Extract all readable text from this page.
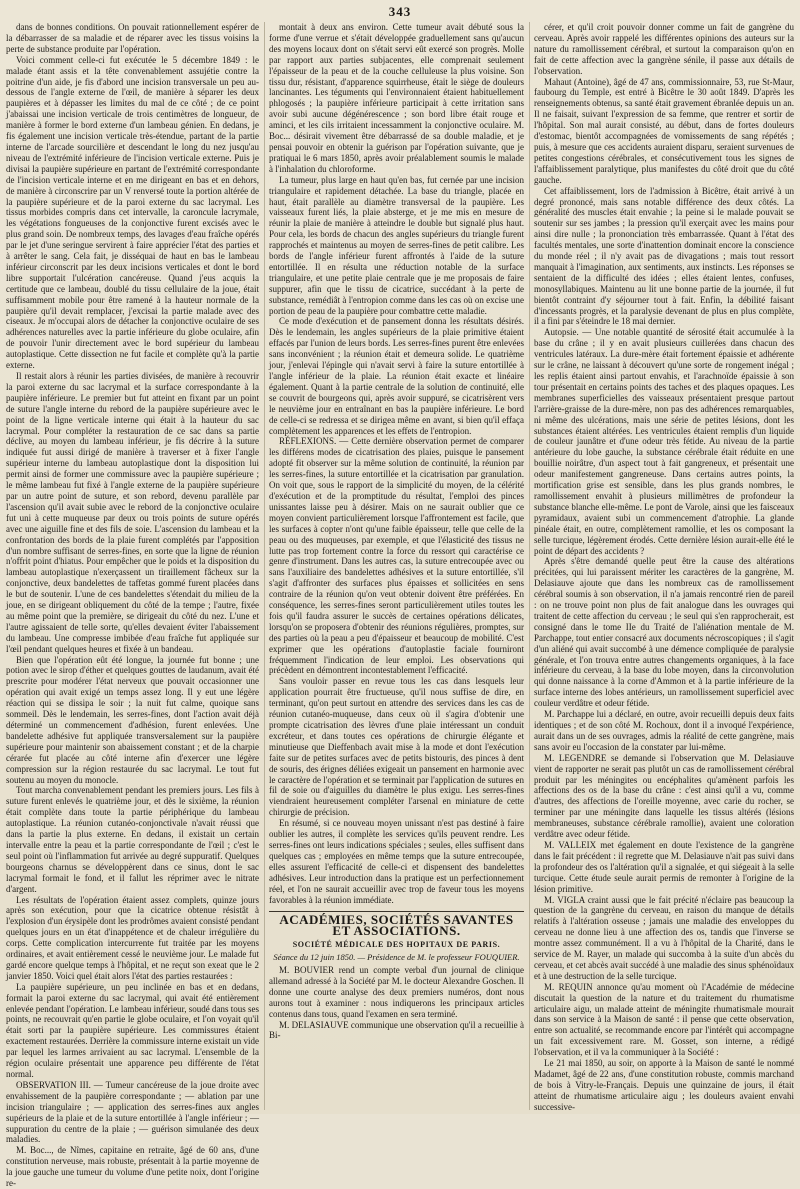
343

dans de bonnes conditions. On pouvait rationnellement espérer de la débarrasser de sa maladie et de réparer avec les tissus voisins la perte de substance produite par l'opération.

Voici comment celle-ci fut exécutée le 5 décembre 1849 : le malade étant assis et la tête convenablement assujétie contre la poitrine d'un aide, je fis d'abord une incision transversale un peu au-dessous de l'angle externe de l'œil, de manière à séparer les deux paupières et à dépasser les limites du mal de ce côté ; de ce point j'abaissai une incision verticale de trois centimètres de longueur, de manière à former le bord externe d'un lambeau génien. En dedans, je fis également une incision verticale très-étendue, partant de la partie interne de l'arcade sourcilière et descendant le long du nez jusqu'au niveau de l'extrémité inférieure de l'incision verticale externe. Puis je divisai la paupière supérieure en partant de l'extrémité correspondante de l'incision verticale interne et en me dirigeant en bas et en dehors, de manière à circonscrire par un V renversé toute la portion altérée de la paupière supérieure et de la paroi externe du sac lacrymal. Les tissus morbides compris dans cet intervalle, la caroncule lacrymale, les végétations fongueuses de la conjonctive furent excisés avec le plus grand soin. De nombreux temps, des lavages d'eau fraîche opérés par le jet d'une seringue servirent à faire apprécier l'état des parties et à arrêter le sang. Cela fait, je disséquai de haut en bas le lambeau inférieur circonscrit par les deux incisions verticales et dont le bord libre supportait l'ulcération cancéreuse. Quand j'eus acquis la certitude que ce lambeau, doublé du tissu cellulaire de la joue, était suffisamment mobile pour être ramené à la hauteur normale de la paupière qu'il devait remplacer, j'excisai la partie malade avec des ciseaux. Je m'occupai alors de détacher la conjonctive oculaire de ses adhérences naturelles avec la partie inférieure du globe oculaire, afin de pouvoir l'unir directement avec le bord supérieur du lambeau autoplastique. Cette dissection ne fut facile et complète qu'à la partie externe.

Il restait alors à réunir les parties divisées, de manière à recouvrir la paroi externe du sac lacrymal et la surface correspondante à la paupière inférieure. Le premier but fut atteint en fixant par un point de suture l'angle interne du rebord de la paupière supérieure avec le point de la ligne verticale interne qui était à la hauteur du sac lacrymal. Pour compléter la restauration de ce sac dans sa partie déclive, au moyen du lambeau inférieur, je fis décrire à la suture indiquée fut aussi dirigé de manière à traverser et à fixer l'angle supérieur interne du lambeau autoplastique dont la disposition lui permit ainsi de former une commissure avec la paupière supérieure ; le même lambeau fut fixé à l'angle externe de la paupière supérieure par un autre point de suture, et son rebord, devenu parallèle par l'ascension qu'il avait subie avec le rebord de la conjonctive oculaire fut uni à cette muqueuse par deux ou trois points de suture opérés avec une aiguille fine et des fils de soie. L'ascension du lambeau et la confrontation des bords de la plaie furent complétés par l'apposition d'un nombre suffisant de serres-fines, en sorte que la ligne de réunion n'offrit point d'hiatus. Pour empêcher que le poids et la disposition du lambeau autoplastique n'exerçassent un tiraillement fâcheux sur la conjonctive, deux bandelettes de taffetas gommé furent placées dans le but de soutenir. L'une de ces bandelettes s'étendait du milieu de la joue, en se dirigeant obliquement du côté de la tempe ; l'autre, fixée au même point que la première, se dirigeait du côté du nez. L'une et l'autre agissaient de telle sorte, qu'elles devaient éviter l'abaissement du lambeau. Une compresse imbibée d'eau fraîche fut appliquée sur l'œil pendant quelques heures et fixée à un bandeau.

Bien que l'opération eût été longue, la journée fut bonne ; une potion avec le sirop d'éther et quelques gouttes de laudanum, avait été prescrite pour modérer l'état nerveux que pouvait occasionner une opération qui avait exigé un temps assez long. Il y eut une légère réaction qui se dissipa le soir ; la nuit fut calme, quoique sans sommeil. Dès le lendemain, les serres-fines, dont l'action avait déjà déterminé un commencement d'adhésion, furent enlevées. Une bandelette adhésive fut appliquée transversalement sur la paupière supérieure pour maintenir son abaissement constant ; et de la charpie cérarée fut placée au côté interne afin d'exercer une légère compression sur la région restaurée du sac lacrymal. Le tout fut soutenu au moyen du monocle.

Tout marcha convenablement pendant les premiers jours. Les fils à suture furent enlevés le quatrième jour, et dès le sixième, la réunion était complète dans toute la partie périphérique du lambeau autoplastique. La réunion cutanéo-conjonctivale n'avait réussi que dans la partie la plus externe. En dedans, il existait un certain intervalle entre la peau et la partie correspondante de l'œil ; c'est le seul point où l'inflammation fut arrivée au degré suppuratif. Quelques bourgeons charnus se développèrent dans ce sinus, dont le sac lacrymal formait le fond, et il fallut les réprimer avec le nitrate d'argent.

Les résultats de l'opération étaient assez complets, quinze jours après son exécution, pour que la cicatrice obtenue résistât à l'explosion d'un érysipèle dont les prodrômes avaient consisté pendant quelques jours en un état d'inappétence et de chaleur irrégulière du corps. Cette complication intercurrente fut traitée par les moyens ordinaires, et avait entièrement cessé le neuvième jour. Le malade fut gardé encore quelque temps à l'hôpital, et ne reçut son exeat que le 2 janvier 1850. Voici quel était alors l'état des parties restaurées :

La paupière supérieure, un peu inclinée en bas et en dedans, formait la paroi externe du sac lacrymal, qui avait été entièrement enlevée pendant l'opération. Le lambeau inférieur, soudé dans tous ses points, ne recouvrait qu'en partie le globe oculaire, et l'on voyait qu'il était sorti par la paupière supérieure. Les commissures étaient exactement restaurées. Derrière la commissure interne existait un vide par lequel les larmes arrivaient au sac lacrymal. L'ensemble de la région oculaire présentait une apparence peu différente de l'état normal.

OBSERVATION III. — Tumeur cancéreuse de la joue droite avec envahissement de la paupière correspondante ; — ablation par une incision triangulaire ; — application des serres-fines aux angles supérieurs de la plaie et de la suture entortillée à l'angle inférieur ; — suppuration du centre de la plaie ; — guérison simulanée des deux maladies.

M. Boc..., de Nîmes, capitaine en retraite, âgé de 60 ans, d'une constitution nerveuse, mais robuste, présentait à la partie moyenne de la joue gauche une tumeur du volume d'une petite noix, dont l'origine re-

montait à deux ans environ. Cette tumeur avait débuté sous la forme d'une verrue et s'était développée graduellement sans qu'aucun des moyens locaux dont on s'était servi eût exercé son progrès. Molle par rapport aux parties subjacentes, elle comprenait seulement l'épaisseur de la peau et de la couche celluleuse la plus voisine. Son tissu dur, résistant, d'apparence squirrheuse, était le siège de douleurs lancinantes. Les téguments qui l'environnaient étaient habituellement phlogosés ; la paupière inférieure participait à cette irritation sans avoir subi aucune dégénérescence ; son bord libre était rouge et aminci, et les cils irritaient incessamment la conjonctive oculaire. M. Boc... désirait vivement être débarrassé de sa double maladie, et je pensai pouvoir en obtenir la guérison par l'opération suivante, que je pratiquai le 6 mars 1850, après avoir préalablement soumis le malade à l'inhalation du chloroforme.

La tumeur, plus large en haut qu'en bas, fut cernée par une incision triangulaire et rapidement détachée. La base du triangle, placée en haut, était parallèle au diamètre transversal de la paupière. Les vaisseaux furent liés, la plaie absterge, et je me mis en mesure de réunir la plaie de manière à atteindre le double but signalé plus haut. Pour cela, les bords de chacun des angles supérieurs du triangle furent rapprochés et maintenus au moyen de serres-fines de petit calibre. Les bords de l'angle inférieur furent affrontés à l'aide de la suture entortillée. Il en résulta une réduction notable de la surface triangulaire, et une petite plaie centrale que je me proposais de faire suppurer, afin que le tissu de cicatrice, succédant à la perte de substance, remédiât à l'entropion comme dans les cas où on excise une portion de peau de la paupière pour combattre cette maladie.

Ce mode d'exécution et de pansement donna les résultats désirés. Dès le lendemain, les angles supérieurs de la plaie primitive étaient effacés par l'union de leurs bords. Les serres-fines purent être enlevées sans inconvénient ; la réunion était et demeura solide. Le quatrième jour, j'enlevai l'épingle qui n'avait servi à faire la suture entortillée à l'angle inférieur de la plaie. La réunion était exacte et linéaire également. Quant à la partie centrale de la solution de continuité, elle se couvrit de bourgeons qui, après avoir suppuré, se cicatrisèrent vers le neuvième jour en entraînant en bas la paupière inférieure. Le bord de celle-ci se redressa et se dirigea même en avant, si bien qu'il effaça complètement les apparences et les effets de l'entropion.

RÉFLEXIONS. — Cette dernière observation permet de comparer les différens modes de cicatrisation des plaies, puisque le pansement adopté fit observer sur la même solution de continuité, la réunion par les serres-fines, la suture entortillée et la cicatrisation par granulation. On voit que, sous le rapport de la simplicité du moyen, de la célérité d'exécution et de la promptitude du résultat, l'emploi des pinces unissantes laisse peu à désirer. Mais on ne saurait oublier que ce moyen convient particulièrement lorsque l'affrontement est facile, que les surfaces à copter n'ont qu'une faible épaisseur, telle que celle de la peau ou des muqueuses, par exemple, et que l'élasticité des tissus ne lutte pas trop fortement contre la force du ressort qui caractérise ce genre d'instrument. Dans les autres cas, la suture entrecoupée avec ou sans l'auxiliaire des bandelettes adhésives et la suture entortillée, s'il s'agit d'affronter des surfaces plus épaisses et sollicitées en sens contraire de la réunion qu'on veut obtenir doivent être préférées. En conséquence, les serres-fines seront particulièrement utiles toutes les fois qu'il faudra assurer le succès de certaines opérations délicates, lorsqu'on se proposera d'obtenir des réunions régulières, promptes, sur des parties où la peau a peu d'épaisseur et beaucoup de mobilité. C'est exprimer que les opérations d'autoplastie faciale fourniront fréquemment l'indication de leur emploi. Les observations qui précèdent en démontrent incontestablement l'efficacité.

Sans vouloir passer en revue tous les cas dans lesquels leur application pourrait être fructueuse, qu'il nous suffise de dire, en terminant, qu'on peut surtout en attendre des services dans les cas de réunion cutanéo-muqueuse, dans ceux où il s'agira d'obtenir une prompte cicatrisation des lèvres d'une plaie intéressant un conduit excréteur, et dans toutes ces opérations de chirurgie élégante et minutieuse que Dieffenbach avait mise à la mode et dont l'exécution faite sur de petites surfaces avec de petits bistouris, des pinces à dent de souris, des érignes déliées exigeait un pansement en harmonie avec le caractère de l'opération et se terminait par l'application de sutures en fil de soie ou d'aiguilles du diamètre le plus exigu. Les serres-fines viendraient heureusement compléter l'arsenal en miniature de cette chirurgie de précision.

En résumé, si ce nouveau moyen unissant n'est pas destiné à faire oublier les autres, il complète les services qu'ils peuvent rendre. Les serres-fines ont leurs indications spéciales ; seules, elles suffisent dans quelques cas ; employées en même temps que la suture entrecoupée, elles assurent l'efficacité de celle-ci et dispensent des bandelettes adhésives. Leur introduction dans la pratique est un perfectionnement réel, et l'on ne saurait accueillir avec trop de faveur tous les moyens favorables à la réunion immédiate.

ACADÉMIES, SOCIÉTÉS SAVANTES ET ASSOCIATIONS.
SOCIÉTÉ MÉDICALE DES HOPITAUX DE PARIS.
Séance du 12 juin 1850. — Présidence de M. le professeur FOUQUIER.

M. BOUVIER rend un compte verbal d'un journal de clinique allemand adressé à la Société par M. le docteur Alexandre Goschen. Il donne une courte analyse des deux premiers numéros, dont nous aurons tout à examiner : nous indiquerons les principaux articles contenus dans tous, quand l'examen en sera terminé.

M. DELASIAUVE communique une observation qu'il a recueillie à Bi-

cérer, et qu'il croit pouvoir donner comme un fait de gangrène du cerveau. Après avoir rappelé les différentes opinions des auteurs sur la nature du ramollissement cérébral, et surtout la comparaison qu'on en fait de cette affection avec la gangrène sénile, il passe aux détails de l'observation.

Mahaut (Antoine), âgé de 47 ans, commissionnaire, 53, rue St-Maur, faubourg du Temple, est entré à Bicêtre le 30 août 1849. D'après les renseignements obtenus, sa santé était gravement ébranlée depuis un an. Il ne faisait, suivant l'expression de sa femme, que rentrer et sortir de l'hôpital. Son mal aurait consisté, au début, dans de fortes douleurs d'estomac, bientôt accompagnées de vomissements de sang répétés ; puis, à mesure que ces accidents auraient disparu, seraient survenues de petites congestions cérébrales, et consécutivement tous les signes de l'affaiblissement paralytique, plus manifestes du côté droit que du côté gauche.

Cet affaiblissement, lors de l'admission à Bicêtre, était arrivé à un degré prononcé, mais sans notable différence des deux côtés. La généralité des muscles était envahie ; la peine si le malade pouvait se soutenir sur ses jambes ; la pression qu'il exerçait avec les mains pour ainsi dire nulle ; la prononciation très embarrassée. Quant à l'état des facultés mentales, une sorte d'inattention dominait encore la conscience du monde réel ; il n'y avait pas de divagations ; mais tout ressort manquait à l'imagination, aux sentiments, aux instincts. Les réponses se sentaient de la difficulté des idées ; elles étaient lentes, confuses, monosyllabiques. Maintenu au lit une bonne partie de la journée, il fut bientôt contraint d'y séjourner tout à fait. Enfin, la débilité faisant d'incessants progrès, et la paralysie devenant de plus en plus complète, il a fini par s'éteindre le 18 mai dernier.

Autopsie. — Une notable quantité de sérosité était accumulée à la base du crâne ; il y en avait plusieurs cuillerées dans chacun des ventricules latéraux. La dure-mère était fortement épaissie et adhérente sur le crâne, ne laissant à découvert qu'une sorte de rongement inégal ; les replis étaient ainsi partout envahis, et l'arachnoïde épaissie à son tour présentait en certains points des taches et des plaques opaques. Les membranes superficielles des vaisseaux présentaient presque partout l'arrière-graisse de la dure-mère, non pas des adhérences remarquables, ni même des ulcérations, mais une série de petites lésions, dont les substances étaient altérées. Les ventricules étaient remplis d'un liquide de couleur jaunâtre et d'une odeur très fétide. Au niveau de la partie antérieure du lobe gauche, la substance cérébrale était réduite en une bouillie noirâtre, d'un aspect tout à fait gangreneux, et présentait une odeur manifestement gangreneuse. Dans certains autres points, la mortification grise est sensible, dans les plus grands nombres, le ramollissement envahit à plusieurs millimètres de profondeur la substance blanche elle-même. Le pont de Varole, ainsi que les faisceaux pyramidaux, avaient subi un commencement d'atrophie. La glande pinéale était, en outre, complètement ramollie, et les os composant la selle turcique, légèrement érodés. Cette dernière lésion aurait-elle été le point de départ des accidents ?

Après s'être demandé quelle peut être la cause des altérations précitées, qui lui paraissent mériter les caractères de la gangrène, M. Delasiauve ajoute que dans les nombreux cas de ramollissement cérébral soumis à son observation, il n'a jamais rencontré rien de pareil : on ne trouve point non plus de fait analogue dans les ouvrages qui traitent de cette affection du cerveau ; le seul qui s'en rapprocherait, est consigné dans le tome IIe du Traité de l'aliénation mentale de M. Parchappe, tout entier consacré aux documents nécroscopiques ; il s'agit d'un aliéné qui avait succombé à une démence compliquée de paralysie générale, et l'on trouva entre autres changements organiques, à la face inférieure du cerveau, à la base du lobe moyen, dans la circonvolution qui donne naissance à la corne d'Ammon et à la partie inférieure de la surface interne des lobes antérieurs, un ramollissement superficiel avec couleur verdâtre et odeur fétide.

M. Parchappe lui a déclaré, en outre, avoir recueilli depuis deux faits identiques ; et de son côté M. Rochoux, dont il a invoqué l'expérience, aurait dans un de ses ouvrages, admis la réalité de cette gangrène, mais sans avoir eu l'occasion de la constater par lui-même.

M. LEGENDRE se demande si l'observation que M. Delasiauve vient de rapporter ne serait pas plutôt un cas de ramollissement cérébral produit par les méningites ou encéphalites qu'amènent parfois les affections des os de la base du crâne : c'est ainsi qu'il a vu, comme d'autres, des affections de l'oreille moyenne, avec carie du rocher, se terminer par une méningite dans laquelle les tissus altérés (lésions membraneuses, substance cérébrale ramollie), avaient une coloration verdâtre avec odeur fétide.

M. VALLEIX met également en doute l'existence de la gangrène dans le fait précédent : il regrette que M. Delasiauve n'ait pas suivi dans la profondeur des os l'altération qu'il a signalée, et qui siégeait à la selle turcique. Cette étude seule aurait permis de remonter à l'origine de la lésion primitive.

M. VIGLA craint aussi que le fait précité n'éclaire pas beaucoup la question de la gangrène du cerveau, en raison du manque de détails relatifs à l'altération osseuse ; jamais une maladie des enveloppes du cerveau ne donne lieu à une affection des os, tandis que l'inverse se montre assez communément. Il a vu à l'hôpital de la Charité, dans le service de M. Rayer, un malade qui succomba à la suite d'un abcès du cerveau, et cet abcès avait succédé à une maladie des sinus sphénoïdaux et à une destruction de la selle turcique.

M. REQUIN annonce qu'au moment où l'Académie de médecine discutait la question de la nature et du traitement du rhumatisme articulaire aigu, un malade atteint de méningite rhumatismale mourait dans son service à la Maison de santé : il pense que cette observation, entre son actualité, se recommande encore par l'intérêt qui accompagne un fait excessivement rare. M. Gosset, son interne, a rédigé l'observation, et il va la communiquer à la Société :

Le 21 mai 1850, au soir, on apporte à la Maison de santé le nommé Madamet, âgé de 22 ans, d'une constitution robuste, commis marchand de bois à Vitry-le-Français. Depuis une quinzaine de jours, il était atteint de rhumatisme articulaire aigu ; les douleurs avaient envahi successive-
